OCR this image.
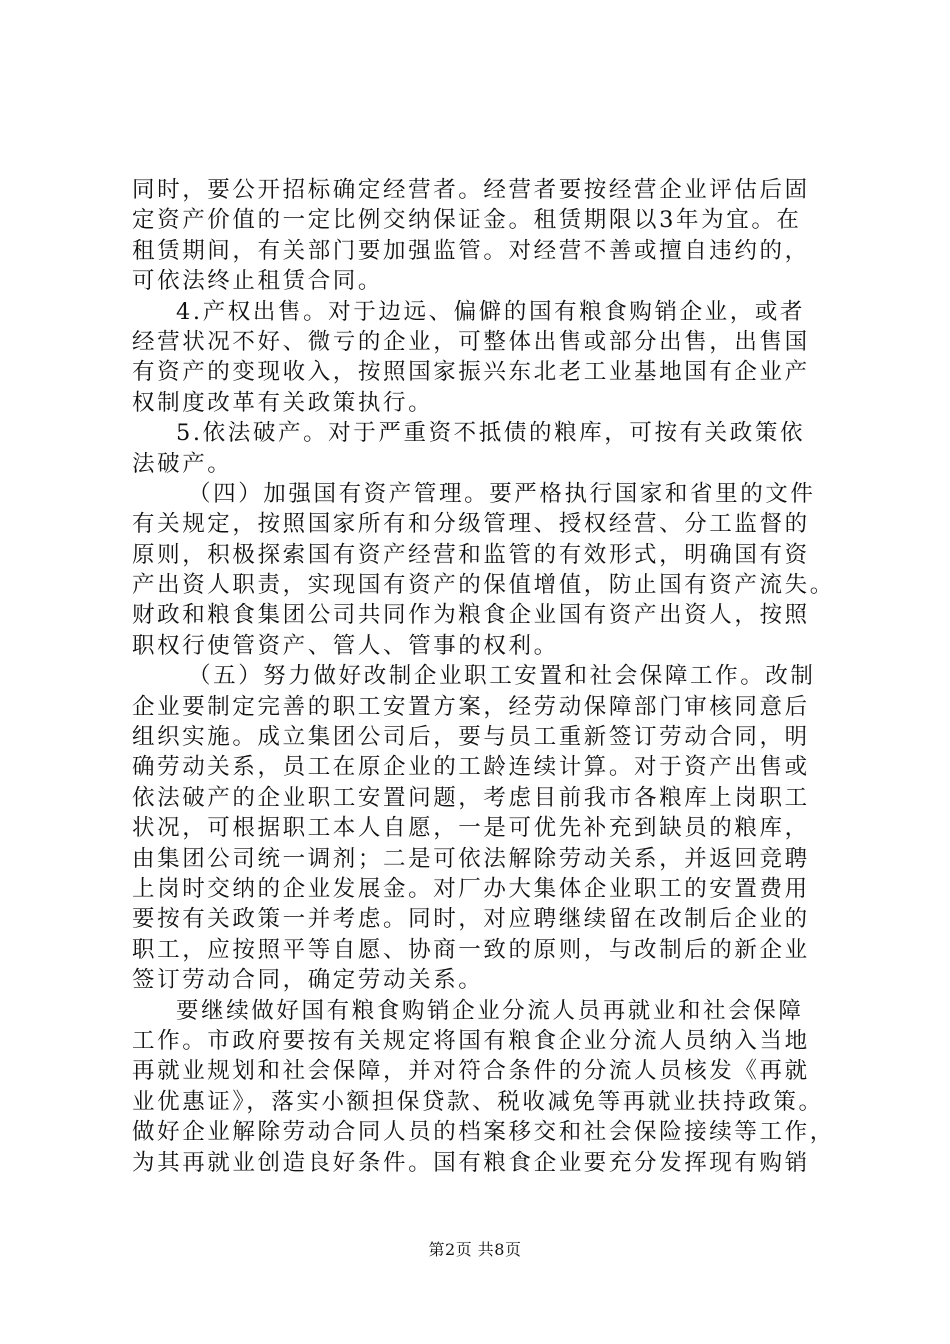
同时，要公开招标确定经营者。经营者要按经营企业评估后固
定资产价值的一定比例交纳保证金。租赁期限以3年为宜。在
租赁期间，有关部门要加强监管。对经营不善或擅自违约的，
可依法终止租赁合同。
4.产权出售。对于边远、偏僻的国有粮食购销企业，或者
经营状况不好、微亏的企业，可整体出售或部分出售，出售国
有资产的变现收入，按照国家振兴东北老工业基地国有企业产
权制度改革有关政策执行。
5.依法破产。对于严重资不抵债的粮库，可按有关政策依
法破产。
（四）加强国有资产管理。要严格执行国家和省里的文件
有关规定，按照国家所有和分级管理、授权经营、分工监督的
原则，积极探索国有资产经营和监管的有效形式，明确国有资
产出资人职责，实现国有资产的保值增值，防止国有资产流失。
财政和粮食集团公司共同作为粮食企业国有资产出资人，按照
职权行使管资产、管人、管事的权利。
（五）努力做好改制企业职工安置和社会保障工作。改制
企业要制定完善的职工安置方案，经劳动保障部门审核同意后
组织实施。成立集团公司后，要与员工重新签订劳动合同，明
确劳动关系，员工在原企业的工龄连续计算。对于资产出售或
依法破产的企业职工安置问题，考虑目前我市各粮库上岗职工
状况，可根据职工本人自愿，一是可优先补充到缺员的粮库，
由集团公司统一调剂；二是可依法解除劳动关系，并返回竞聘
上岗时交纳的企业发展金。对厂办大集体企业职工的安置费用
要按有关政策一并考虑。同时，对应聘继续留在改制后企业的
职工，应按照平等自愿、协商一致的原则，与改制后的新企业
签订劳动合同，确定劳动关系。
要继续做好国有粮食购销企业分流人员再就业和社会保障
工作。市政府要按有关规定将国有粮食企业分流人员纳入当地
再就业规划和社会保障，并对符合条件的分流人员核发《再就
业优惠证》，落实小额担保贷款、税收减免等再就业扶持政策。
做好企业解除劳动合同人员的档案移交和社会保险接续等工作，
为其再就业创造良好条件。国有粮食企业要充分发挥现有购销
第2页 共8页
